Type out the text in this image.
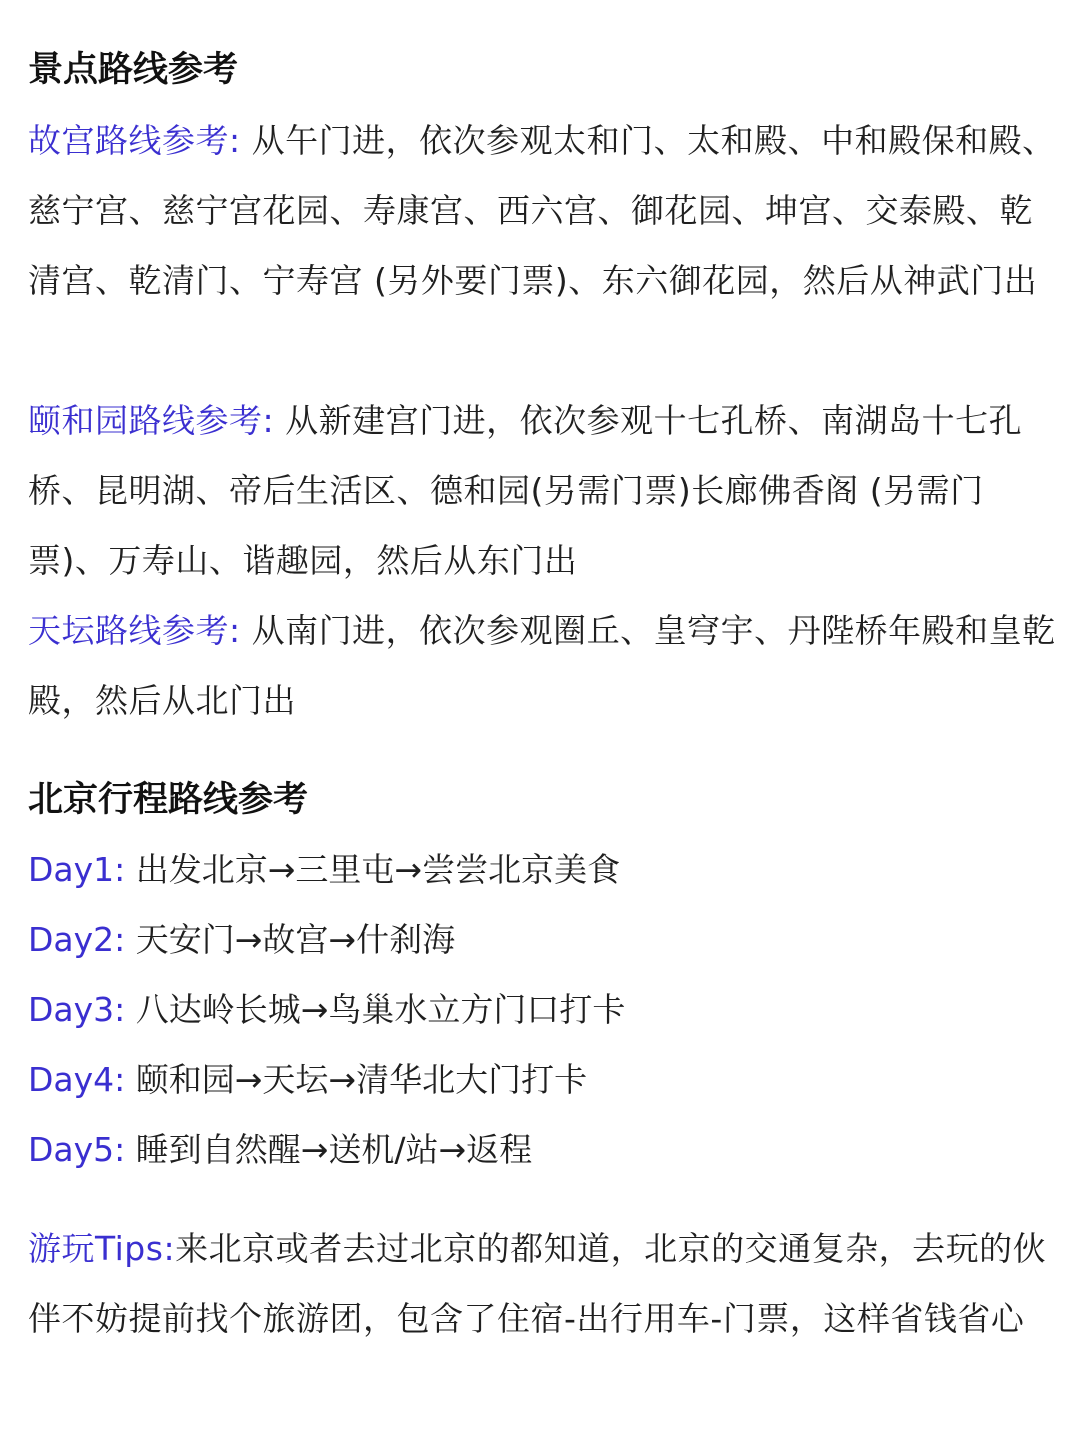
景点路线参考
故宫路线参考: 从午门进，依次参观太和门、太和殿、中和殿保和殿、慈宁宫、慈宁宫花园、寿康宫、西六宫、御花园、坤宫、交泰殿、乾清宫、乾清门、宁寿宫 (另外要门票)、东六御花园，然后从神武门出
颐和园路线参考: 从新建宫门进，依次参观十七孔桥、南湖岛十七孔桥、昆明湖、帝后生活区、德和园(另需门票)长廊佛香阁 (另需门票)、万寿山、谐趣园，然后从东门出
天坛路线参考: 从南门进，依次参观圈丘、皇穹宇、丹陛桥年殿和皇乾殿，然后从北门出
北京行程路线参考
Day1: 出发北京→三里屯→尝尝北京美食
Day2: 天安门→故宫→什刹海
Day3: 八达岭长城→鸟巢水立方门口打卡
Day4: 颐和园→天坛→清华北大门打卡
Day5: 睡到自然醒→送机/站→返程
游玩Tips:来北京或者去过北京的都知道，北京的交通复杂，去玩的伙伴不妨提前找个旅游团，包含了住宿-出行用车-门票，这样省钱省心
